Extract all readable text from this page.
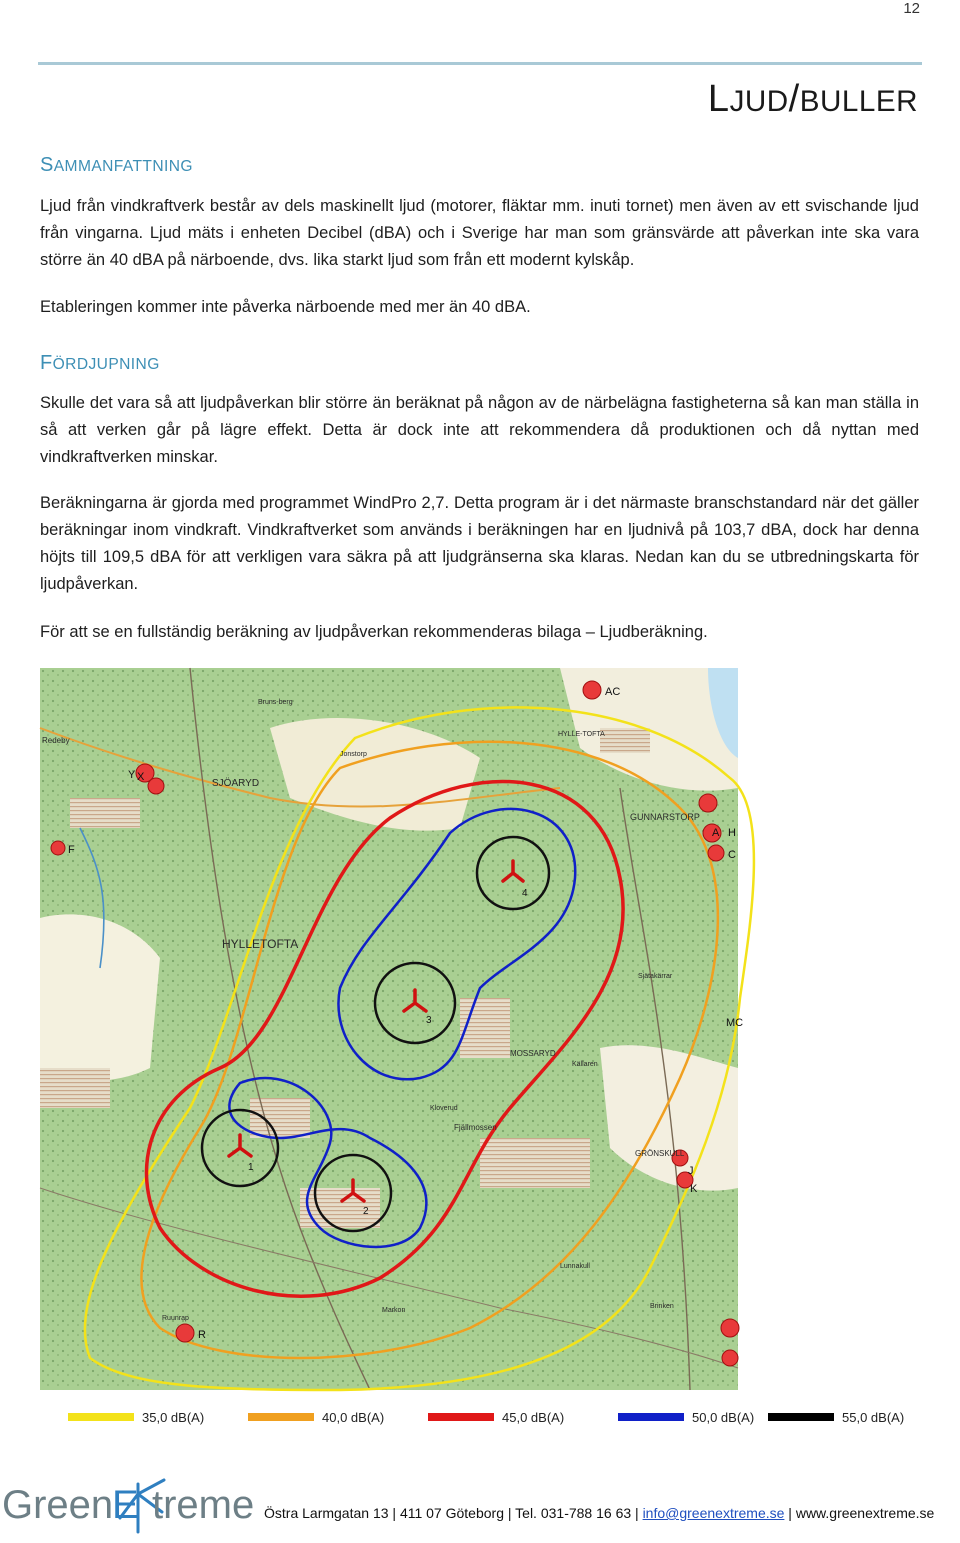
12
LJUD/BULLER
SAMMANFATTNING
Ljud från vindkraftverk består av dels maskinellt ljud (motorer, fläktar mm. inuti tornet) men även av ett svischande ljud från vingarna. Ljud mäts i enheten Decibel (dBA) och i Sverige har man som gränsvärde att påverkan inte ska vara större än 40 dBA på närboende, dvs. lika starkt ljud som från ett modernt kylskåp.
Etableringen kommer inte påverka närboende med mer än 40 dBA.
FÖRDJUPNING
Skulle det vara så att ljudpåverkan blir större än beräknat på någon av de närbelägna fastigheterna så kan man ställa in så att verken går på lägre effekt. Detta är dock inte att rekommendera då produktionen och då nyttan med vindkraftverken minskar.
Beräkningarna är gjorda med programmet WindPro 2,7. Detta program är i det närmaste branschstandard när det gäller beräkningar inom vindkraft. Vindkraftverket som används i beräkningen har en ljudnivå på 103,7 dBA, dock har denna höjts till 109,5 dBA för att verkligen vara säkra på att ljudgränserna ska klaras. Nedan kan du se utbredningskarta för ljudpåverkan.
För att se en fullständig beräkning av ljudpåverkan rekommenderas bilaga – Ljudberäkning.
4
3
1
2
AC
Y X
F
A H
C
J
K
R
MC
HYLLETOFTA
SJÖARYD
GUNNARSTORP
MOSSARYD
GRÖNSKULL
Redeby
Bruns-berg
Jonstorp
HYLLE-TOFTA
Fjällmossen
Kloverud
Lunnakull
Markon
Källaren
Brinken
Ruunrap
Sjätakärrar
35,0 dB(A)	40,0 dB(A)	45,0 dB(A)	50,0 dB(A)	55,0 dB(A)
Green
E treme Östra Larmgatan 13 | 411 07 Göteborg | Tel. 031-788 16 63 | info@greenextreme.se | www.greenextreme.se
